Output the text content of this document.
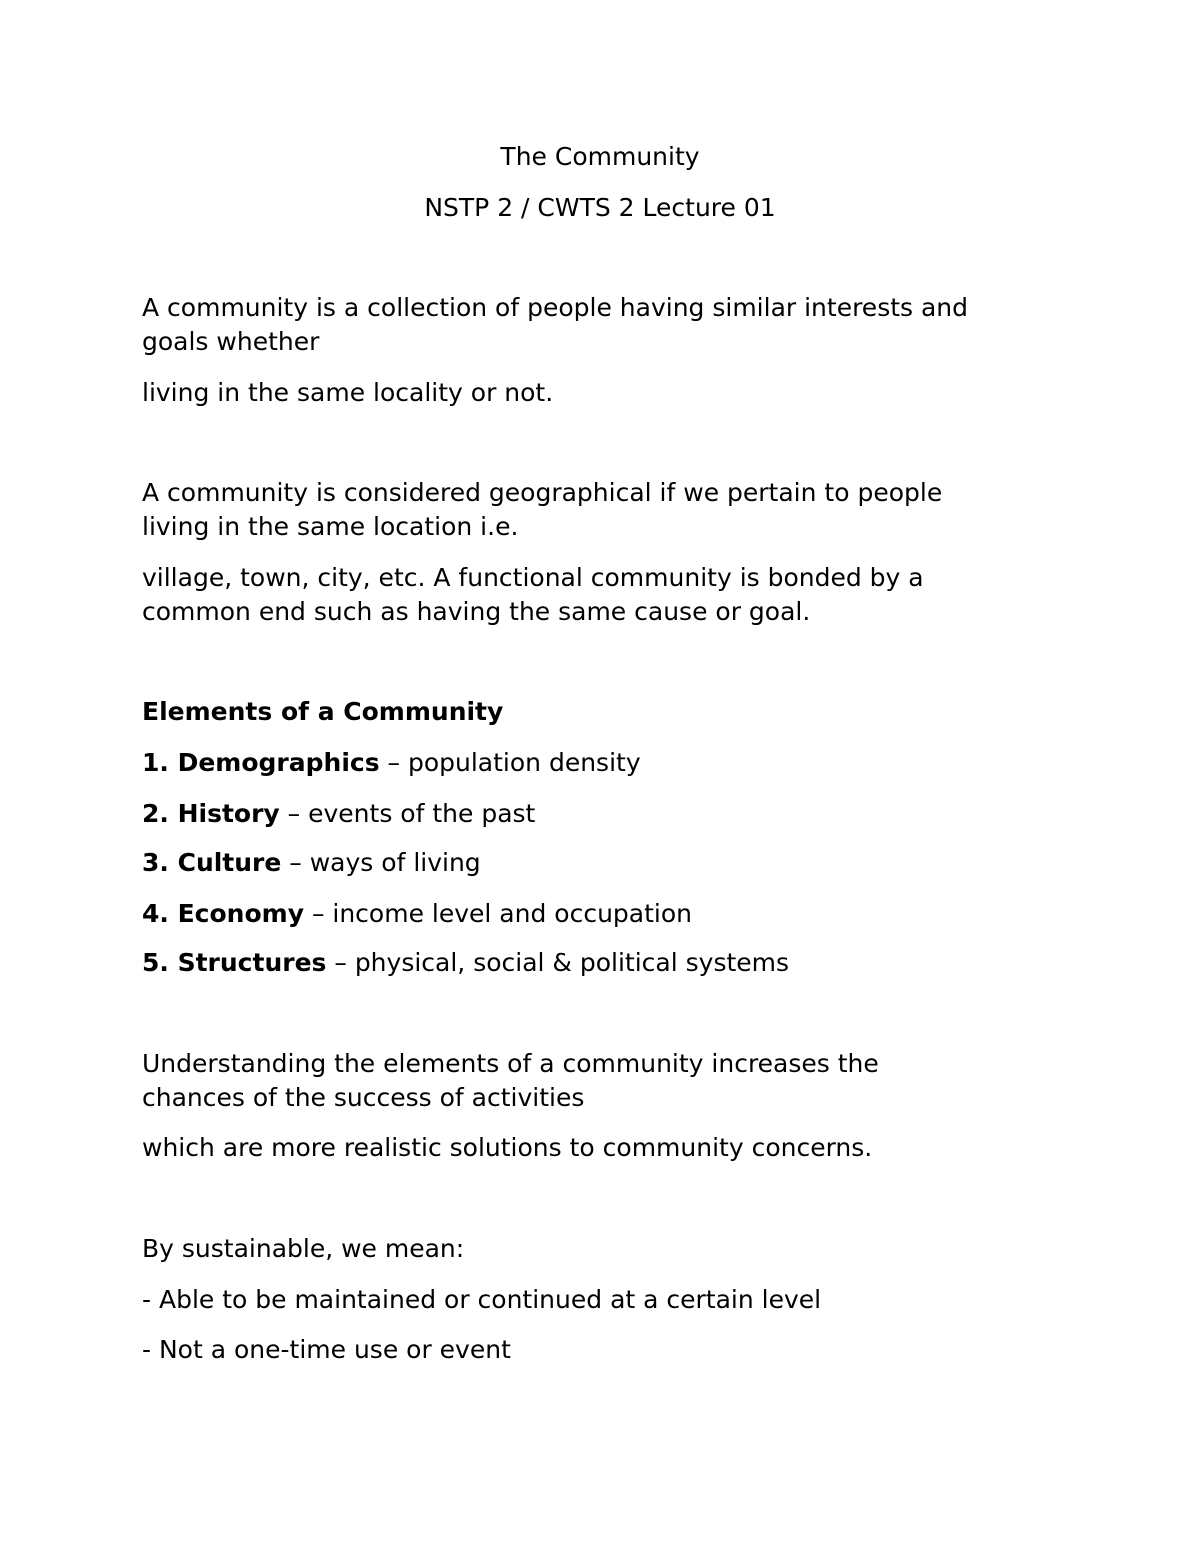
The Community

NSTP 2 / CWTS 2 Lecture 01

A community is a collection of people having similar interests and

goals whether

living in the same locality or not.

A community is considered geographical if we pertain to people

living in the same location i.e.

village, town, city, etc. A functional community is bonded by a

common end such as having the same cause or goal.

Elements of a Community

1. Demographics – population density

2. History – events of the past

3. Culture – ways of living

4. Economy – income level and occupation

5. Structures – physical, social & political systems

Understanding the elements of a community increases the

chances of the success of activities

which are more realistic solutions to community concerns.

By sustainable, we mean:

- Able to be maintained or continued at a certain level

- Not a one-time use or event
